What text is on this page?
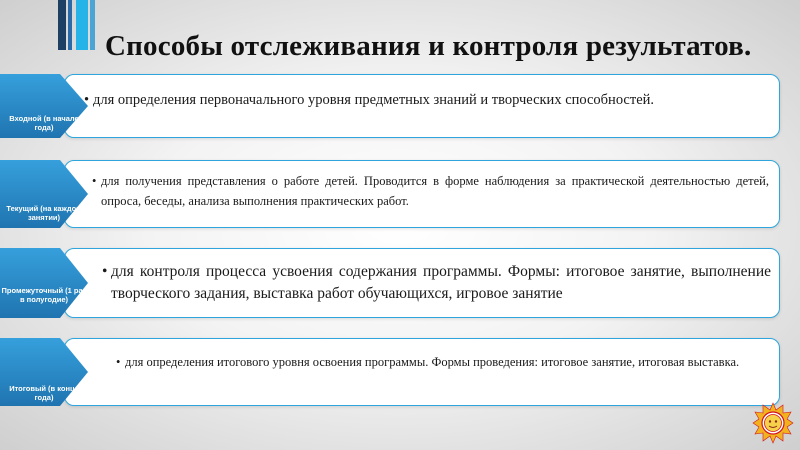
Способы отслеживания и контроля результатов.
• для определения первоначального уровня предметных знаний и творческих способностей.
Входной (в начале года)
• для получения представления о работе детей. Проводится в форме наблюдения за практической деятельностью детей, опроса, беседы, анализа выполнения практических работ.
Текущий (на каждом занятии)
• для контроля процесса усвоения содержания программы. Формы: итоговое занятие, выполнение творческого задания, выставка работ обучающихся, игровое занятие
Промежуточный (1 раз в полугодие)
• для определения итогового уровня освоения программы. Формы проведения: итоговое занятие, итоговая выставка.
Итоговый (в конце года)
